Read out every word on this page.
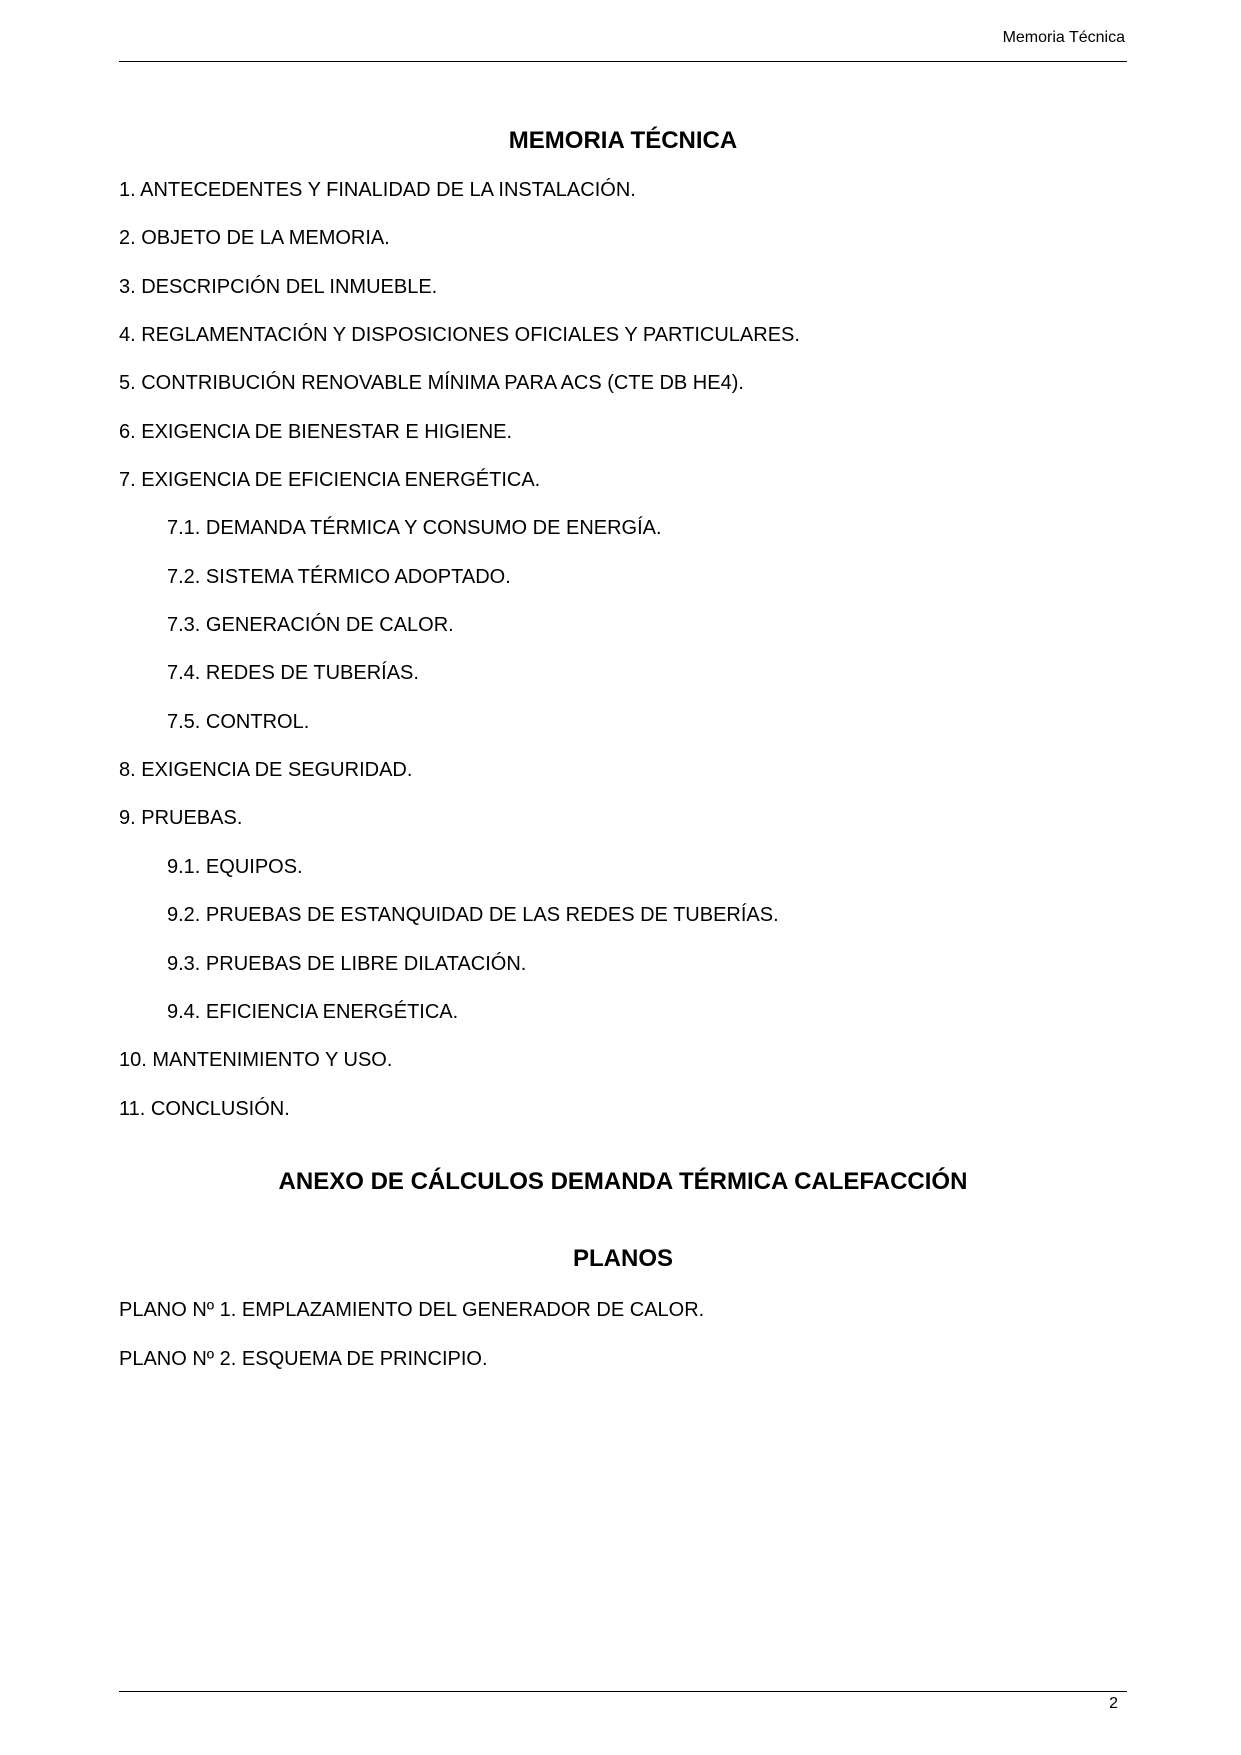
Memoria Técnica
MEMORIA TÉCNICA
1. ANTECEDENTES Y FINALIDAD DE LA INSTALACIÓN.
2. OBJETO DE LA MEMORIA.
3. DESCRIPCIÓN DEL INMUEBLE.
4. REGLAMENTACIÓN Y DISPOSICIONES OFICIALES Y PARTICULARES.
5. CONTRIBUCIÓN RENOVABLE MÍNIMA PARA ACS (CTE DB HE4).
6. EXIGENCIA DE BIENESTAR E HIGIENE.
7. EXIGENCIA DE EFICIENCIA ENERGÉTICA.
7.1. DEMANDA TÉRMICA Y CONSUMO DE ENERGÍA.
7.2. SISTEMA TÉRMICO ADOPTADO.
7.3. GENERACIÓN DE CALOR.
7.4. REDES DE TUBERÍAS.
7.5. CONTROL.
8. EXIGENCIA DE SEGURIDAD.
9. PRUEBAS.
9.1. EQUIPOS.
9.2. PRUEBAS DE ESTANQUIDAD DE LAS REDES DE TUBERÍAS.
9.3. PRUEBAS DE LIBRE DILATACIÓN.
9.4. EFICIENCIA ENERGÉTICA.
10. MANTENIMIENTO Y USO.
11. CONCLUSIÓN.
ANEXO DE CÁLCULOS DEMANDA TÉRMICA CALEFACCIÓN
PLANOS
PLANO Nº 1. EMPLAZAMIENTO DEL GENERADOR DE CALOR.
PLANO Nº 2. ESQUEMA DE PRINCIPIO.
2
